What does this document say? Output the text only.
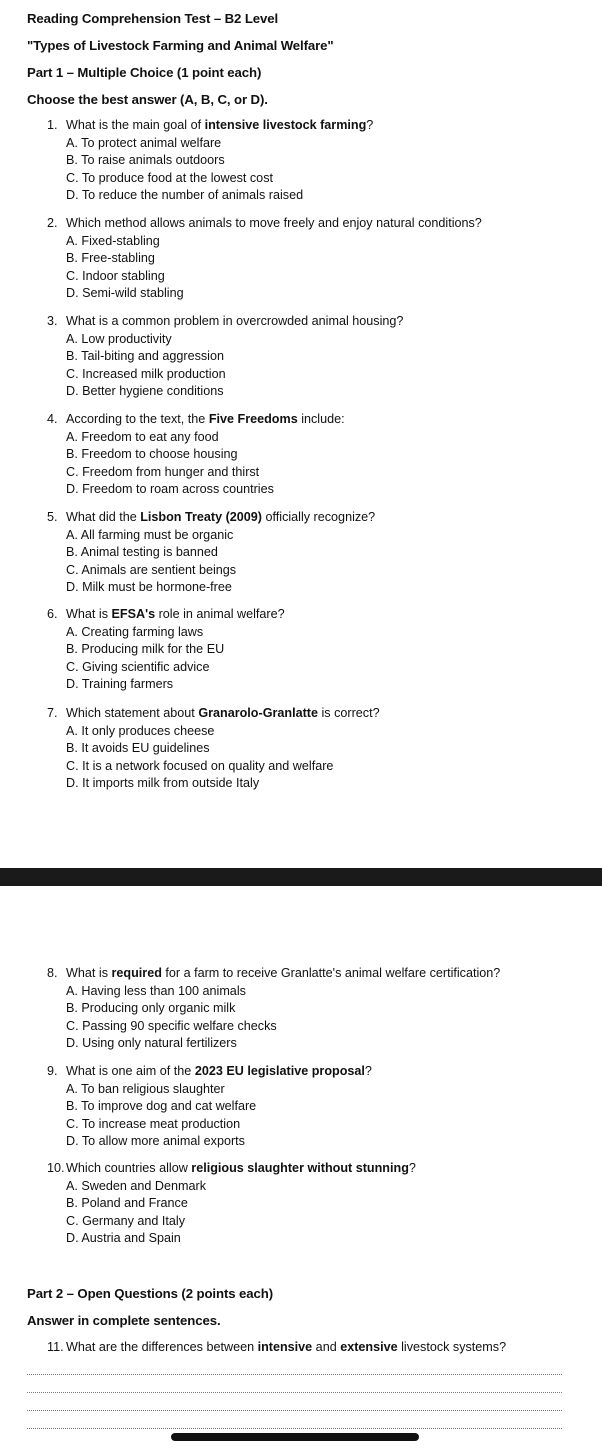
Reading Comprehension Test – B2 Level
"Types of Livestock Farming and Animal Welfare"
Part 1 – Multiple Choice (1 point each)
Choose the best answer (A, B, C, or D).
1. What is the main goal of intensive livestock farming?
A. To protect animal welfare
B. To raise animals outdoors
C. To produce food at the lowest cost
D. To reduce the number of animals raised
2. Which method allows animals to move freely and enjoy natural conditions?
A. Fixed-stabling
B. Free-stabling
C. Indoor stabling
D. Semi-wild stabling
3. What is a common problem in overcrowded animal housing?
A. Low productivity
B. Tail-biting and aggression
C. Increased milk production
D. Better hygiene conditions
4. According to the text, the Five Freedoms include:
A. Freedom to eat any food
B. Freedom to choose housing
C. Freedom from hunger and thirst
D. Freedom to roam across countries
5. What did the Lisbon Treaty (2009) officially recognize?
A. All farming must be organic
B. Animal testing is banned
C. Animals are sentient beings
D. Milk must be hormone-free
6. What is EFSA's role in animal welfare?
A. Creating farming laws
B. Producing milk for the EU
C. Giving scientific advice
D. Training farmers
7. Which statement about Granarolo-Granlatte is correct?
A. It only produces cheese
B. It avoids EU guidelines
C. It is a network focused on quality and welfare
D. It imports milk from outside Italy
8. What is required for a farm to receive Granlatte's animal welfare certification?
A. Having less than 100 animals
B. Producing only organic milk
C. Passing 90 specific welfare checks
D. Using only natural fertilizers
9. What is one aim of the 2023 EU legislative proposal?
A. To ban religious slaughter
B. To improve dog and cat welfare
C. To increase meat production
D. To allow more animal exports
10. Which countries allow religious slaughter without stunning?
A. Sweden and Denmark
B. Poland and France
C. Germany and Italy
D. Austria and Spain
Part 2 – Open Questions (2 points each)
Answer in complete sentences.
11. What are the differences between intensive and extensive livestock systems?
